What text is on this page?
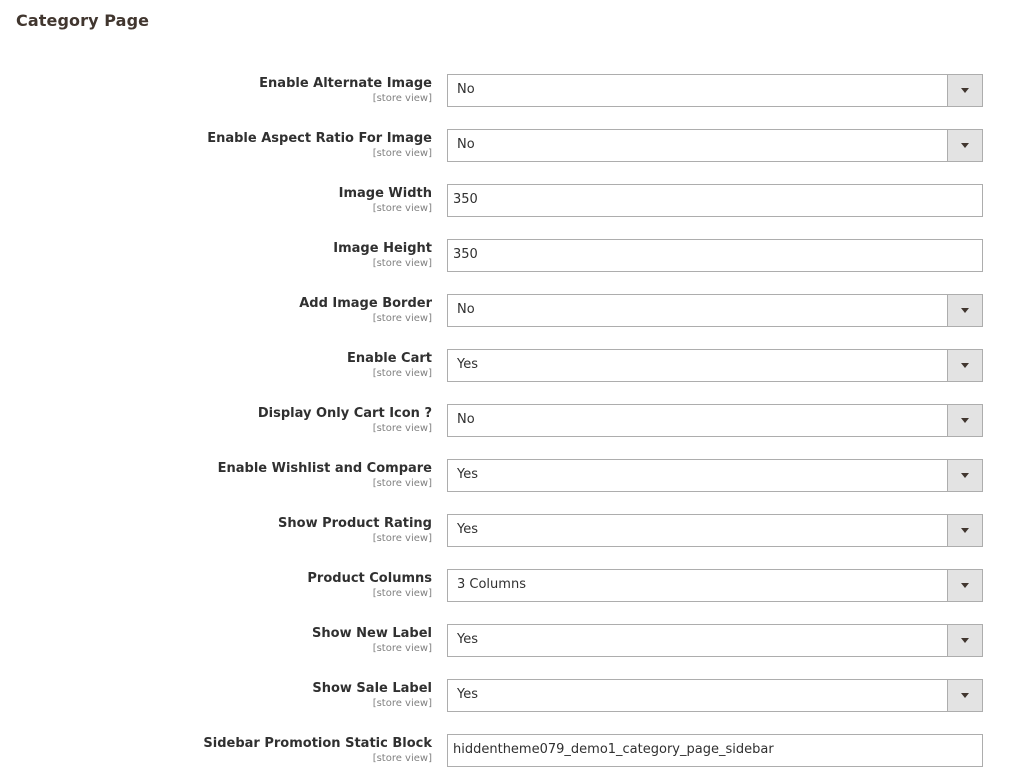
Category Page
Enable Alternate Image
[store view]
No
Enable Aspect Ratio For Image
[store view]
No
Image Width
[store view]
350
Image Height
[store view]
350
Add Image Border
[store view]
No
Enable Cart
[store view]
Yes
Display Only Cart Icon ?
[store view]
No
Enable Wishlist and Compare
[store view]
Yes
Show Product Rating
[store view]
Yes
Product Columns
[store view]
3 Columns
Show New Label
[store view]
Yes
Show Sale Label
[store view]
Yes
Sidebar Promotion Static Block
[store view]
hiddentheme079_demo1_category_page_sidebar
